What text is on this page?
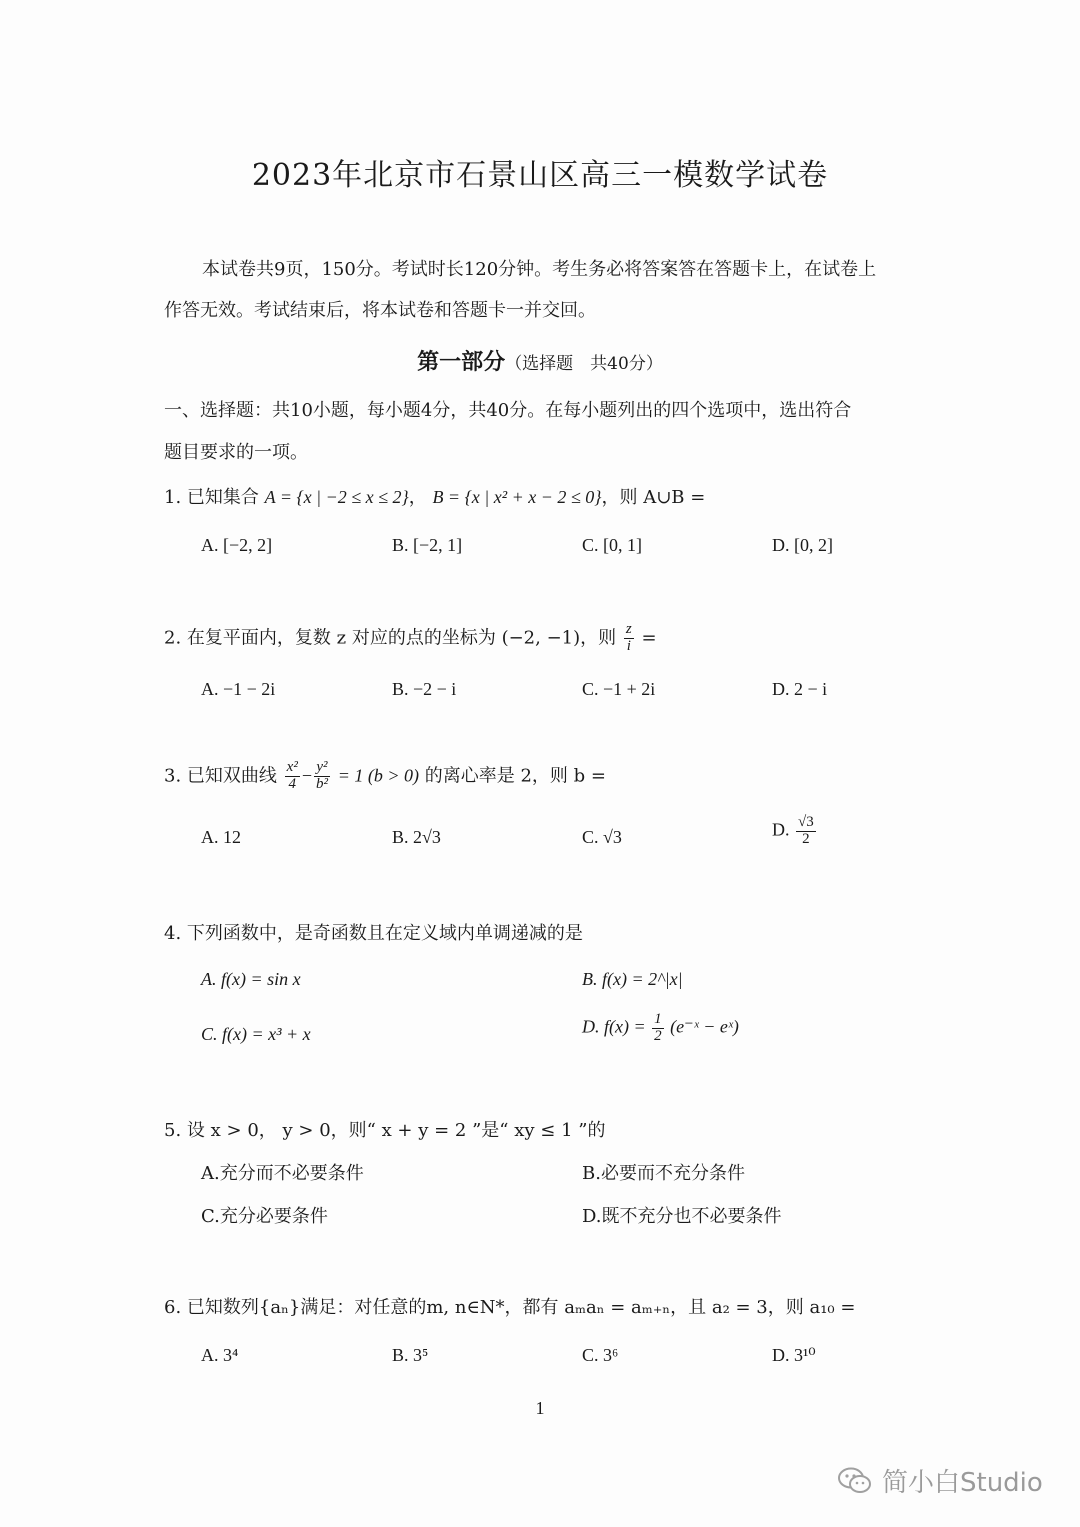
2023年北京市石景山区高三一模数学试卷
本试卷共9页，150分。考试时长120分钟。考生务必将答案答在答题卡上，在试卷上
作答无效。考试结束后，将本试卷和答题卡一并交回。
第一部分（选择题　共40分）
一、选择题：共10小题，每小题4分，共40分。在每小题列出的四个选项中，选出符合
题目要求的一项。
1. 已知集合 A = {x | −2 ≤ x ≤ 2}， B = {x | x² + x − 2 ≤ 0}，则 A∪B =
A. [−2, 2]	B. [−2, 1]	C. [0, 1]	D. [0, 2]
2. 在复平面内，复数 z 对应的点的坐标为 (−2, −1)，则 $\frac{z}{i}$ =
A. −1 − 2i	B. −2 − i	C. −1 + 2i	D. 2 − i
3. 已知双曲线 $\frac{\text{x²}}{4} - \frac{\text{y²}}{\text{b²}} = 1$ (b > 0) 的离心率是 2，则 b =
A. 12	B. 2√3	C. √3	D. $\frac{√3}{2}$
4. 下列函数中，是奇函数且在定义域内单调递减的是
A. f(x) = sin x	B. f(x) = 2^|x|
C. f(x) = x³ + x	D. $f(x) = \frac{1}{2}$ (e⁻ˣ − eˣ)
5. 设 x > 0， y > 0，则“ x + y = 2 ”是“ xy ≤ 1 ”的
A.充分而不必要条件	B.必要而不充分条件
C.充分必要条件	D.既不充分也不必要条件
6. 已知数列{aₙ}满足：对任意的m, n∈N*，都有 aₘaₙ = aₘ₊ₙ，且 a₂ = 3，则 a₁₀ =
A. 3⁴	B. 3⁵	C. 3⁶	D. 3¹⁰
1
简小白Studio
